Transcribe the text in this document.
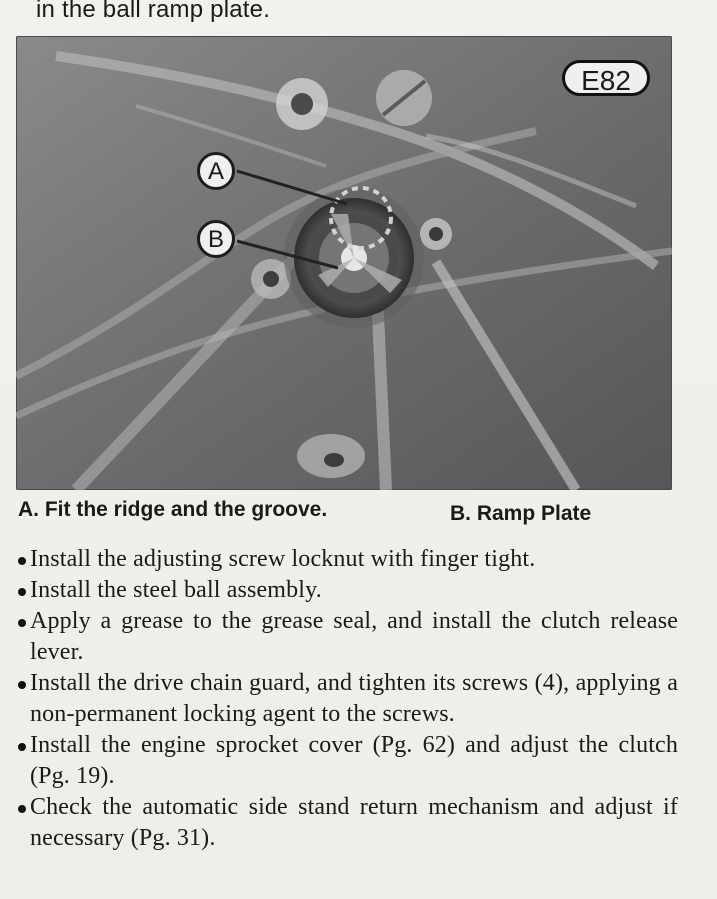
in the ball ramp plate.
E82
A
B
A. Fit the ridge and the groove.	B. Ramp Plate
Install the adjusting screw locknut with finger tight.
Install the steel ball assembly.
Apply a grease to the grease seal, and install the clutch release lever.
Install the drive chain guard, and tighten its screws (4), applying a non-permanent locking agent to the screws.
Install the engine sprocket cover (Pg. 62) and adjust the clutch (Pg. 19).
Check the automatic side stand return mechanism and adjust if necessary (Pg. 31).
